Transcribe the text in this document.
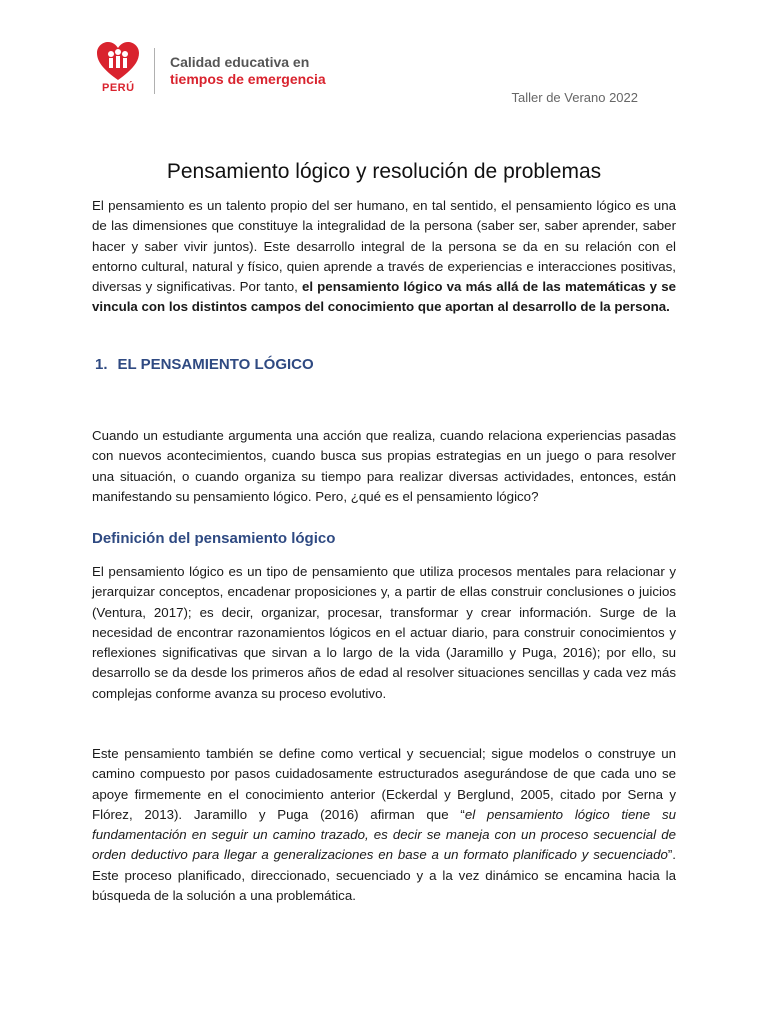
PERÚ
Calidad educativa en
tiempos de emergencia
Taller de Verano 2022
Pensamiento lógico y resolución de problemas

El pensamiento es un talento propio del ser humano, en tal sentido, el pensamiento lógico es una de las dimensiones que constituye la integralidad de la persona (saber ser, saber aprender, saber hacer y saber vivir juntos). Este desarrollo integral de la persona se da en su relación con el entorno cultural, natural y físico, quien aprende a través de experiencias e interacciones positivas, diversas y significativas. Por tanto, el pensamiento lógico va más allá de las matemáticas y se vincula con los distintos campos del conocimiento que aportan al desarrollo de la persona.

1. EL PENSAMIENTO LÓGICO

Cuando un estudiante argumenta una acción que realiza, cuando relaciona experiencias pasadas con nuevos acontecimientos, cuando busca sus propias estrategias en un juego o para resolver una situación, o cuando organiza su tiempo para realizar diversas actividades, entonces, están manifestando su pensamiento lógico. Pero, ¿qué es el pensamiento lógico?

Definición del pensamiento lógico

El pensamiento lógico es un tipo de pensamiento que utiliza procesos mentales para relacionar y jerarquizar conceptos, encadenar proposiciones y, a partir de ellas construir conclusiones o juicios (Ventura, 2017); es decir, organizar, procesar, transformar y crear información. Surge de la necesidad de encontrar razonamientos lógicos en el actuar diario, para construir conocimientos y reflexiones significativas que sirvan a lo largo de la vida (Jaramillo y Puga, 2016); por ello, su desarrollo se da desde los primeros años de edad al resolver situaciones sencillas y cada vez más complejas conforme avanza su proceso evolutivo.

Este pensamiento también se define como vertical y secuencial; sigue modelos o construye un camino compuesto por pasos cuidadosamente estructurados asegurándose de que cada uno se apoye firmemente en el conocimiento anterior (Eckerdal y Berglund, 2005, citado por Serna y Flórez, 2013). Jaramillo y Puga (2016) afirman que “el pensamiento lógico tiene su fundamentación en seguir un camino trazado, es decir se maneja con un proceso secuencial de orden deductivo para llegar a generalizaciones en base a un formato planificado y secuenciado”. Este proceso planificado, direccionado, secuenciado y a la vez dinámico se encamina hacia la búsqueda de la solución a una problemática.
